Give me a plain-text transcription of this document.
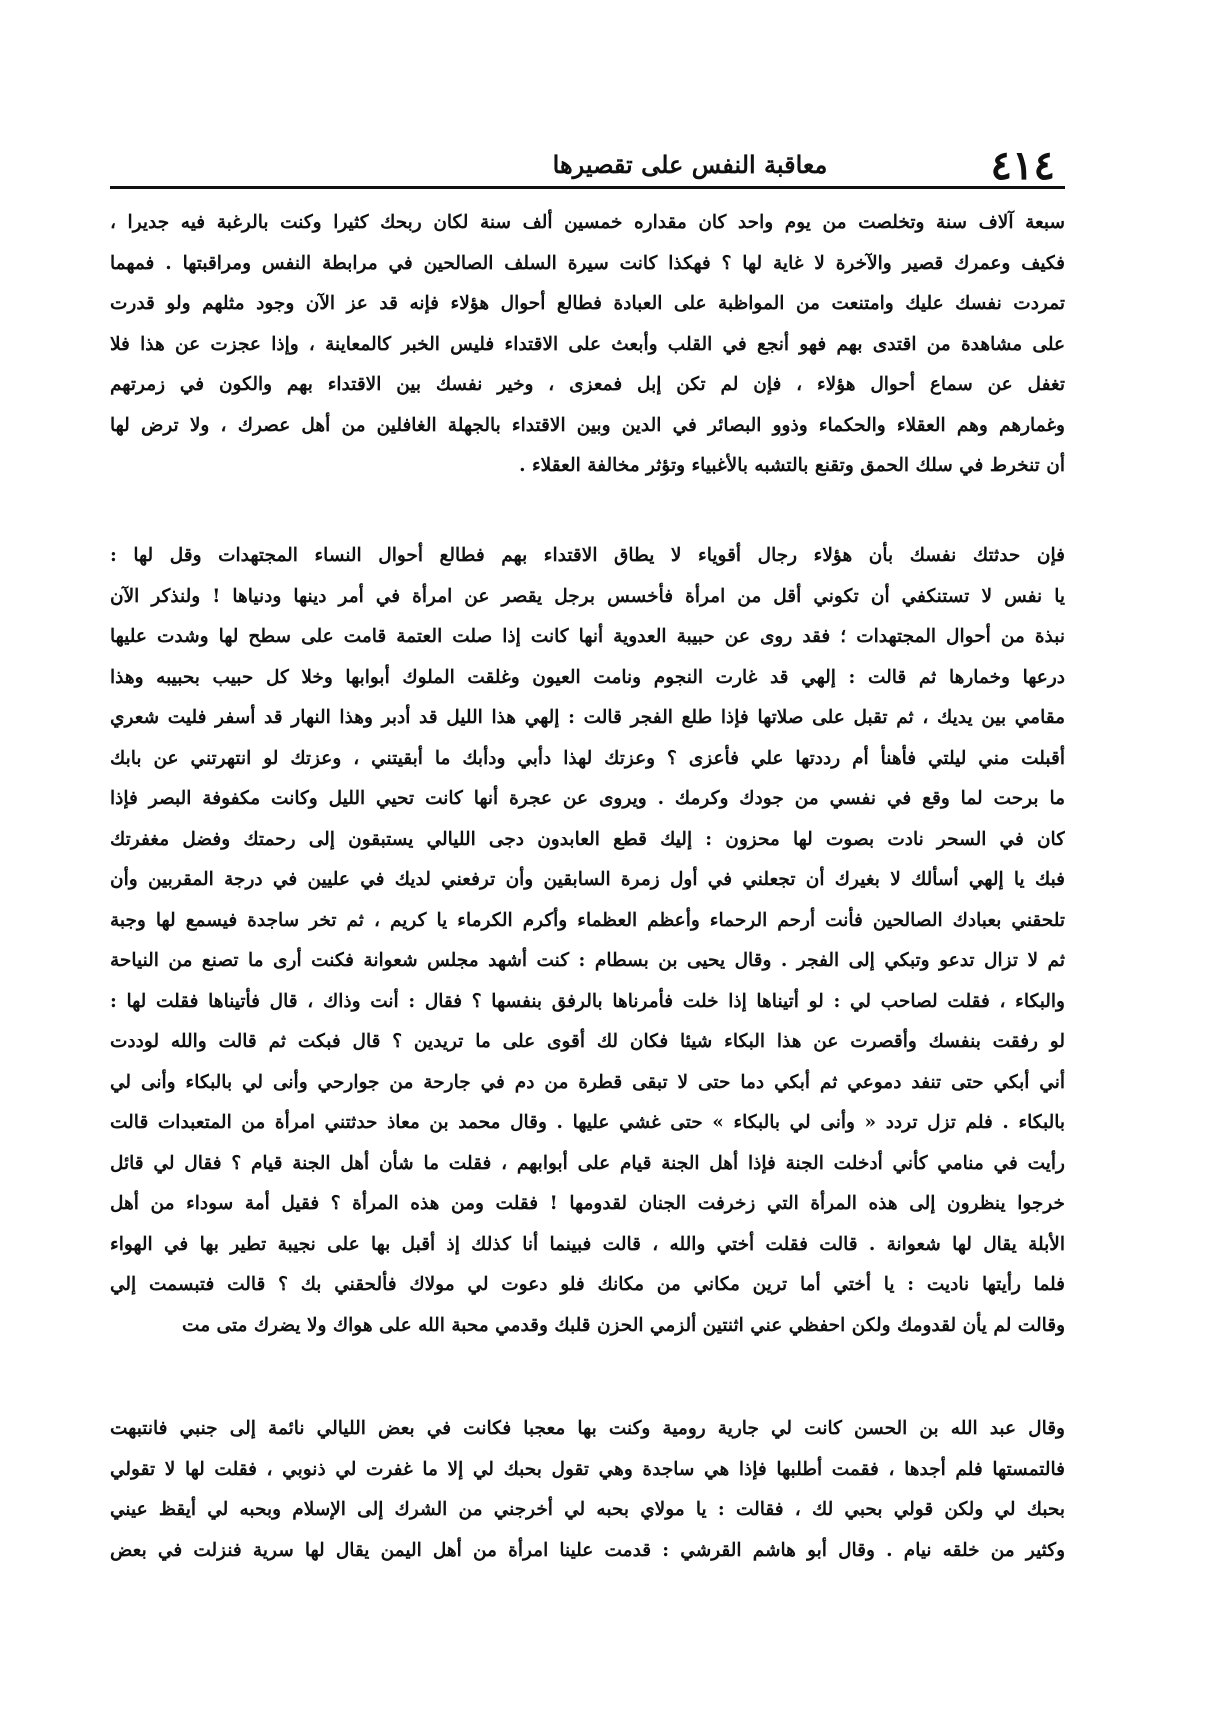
٤١٤
معاقبة النفس على تقصيرها
سبعة آلاف سنة وتخلصت من يوم واحد كان مقداره خمسين ألف سنة لكان ربحك كثيرا وكنت بالرغبة فيه جديرا ،
فكيف وعمرك قصير والآخرة لا غاية لها ؟ فهكذا كانت سيرة السلف الصالحين في مرابطة النفس ومراقبتها . فمهما
تمردت نفسك عليك وامتنعت من المواظبة على العبادة فطالع أحوال هؤلاء فإنه قد عز الآن وجود مثلهم ولو قدرت
على مشاهدة من اقتدى بهم فهو أنجع في القلب وأبعث على الاقتداء فليس الخبر كالمعاينة ، وإذا عجزت عن هذا فلا
تغفل عن سماع أحوال هؤلاء ، فإن لم تكن إبل فمعزى ، وخير نفسك بين الاقتداء بهم والكون في زمرتهم
وغمارهم وهم العقلاء والحكماء وذوو البصائر في الدين وبين الاقتداء بالجهلة الغافلين من أهل عصرك ، ولا ترض لها
أن تنخرط في سلك الحمق وتقنع بالتشبه بالأغبياء وتؤثر مخالفة العقلاء .
فإن حدثتك نفسك بأن هؤلاء رجال أقوياء لا يطاق الاقتداء بهم فطالع أحوال النساء المجتهدات وقل لها :
يا نفس لا تستنكفي أن تكوني أقل من امرأة فأخسس برجل يقصر عن امرأة في أمر دينها ودنياها ! ولنذكر الآن
نبذة من أحوال المجتهدات ؛ فقد روى عن حبيبة العدوية أنها كانت إذا صلت العتمة قامت على سطح لها وشدت عليها
درعها وخمارها ثم قالت : إلهي قد غارت النجوم ونامت العيون وغلقت الملوك أبوابها وخلا كل حبيب بحبيبه وهذا
مقامي بين يديك ، ثم تقبل على صلاتها فإذا طلع الفجر قالت : إلهي هذا الليل قد أدبر وهذا النهار قد أسفر فليت شعري
أقبلت مني ليلتي فأهنأ أم رددتها علي فأعزى ؟ وعزتك لهذا دأبي ودأبك ما أبقيتني ، وعزتك لو انتهرتني عن بابك
ما برحت لما وقع في نفسي من جودك وكرمك . ويروى عن عجرة أنها كانت تحيي الليل وكانت مكفوفة البصر فإذا
كان في السحر نادت بصوت لها محزون : إليك قطع العابدون دجى الليالي يستبقون إلى رحمتك وفضل مغفرتك
فبك يا إلهي أسألك لا بغيرك أن تجعلني في أول زمرة السابقين وأن ترفعني لديك في عليين في درجة المقربين وأن
تلحقني بعبادك الصالحين فأنت أرحم الرحماء وأعظم العظماء وأكرم الكرماء يا كريم ، ثم تخر ساجدة فيسمع لها وجبة
ثم لا تزال تدعو وتبكي إلى الفجر . وقال يحيى بن بسطام : كنت أشهد مجلس شعوانة فكنت أرى ما تصنع من النياحة
والبكاء ، فقلت لصاحب لي : لو أتيناها إذا خلت فأمرناها بالرفق بنفسها ؟ فقال : أنت وذاك ، قال فأتيناها فقلت لها :
لو رفقت بنفسك وأقصرت عن هذا البكاء شيئا فكان لك أقوى على ما تريدين ؟ قال فبكت ثم قالت والله لوددت
أني أبكي حتى تنفد دموعي ثم أبكي دما حتى لا تبقى قطرة من دم في جارحة من جوارحي وأنى لي بالبكاء وأنى لي
بالبكاء . فلم تزل تردد « وأنى لي بالبكاء » حتى غشي عليها . وقال محمد بن معاذ حدثتني امرأة من المتعبدات قالت
رأيت في منامي كأني أدخلت الجنة فإذا أهل الجنة قيام على أبوابهم ، فقلت ما شأن أهل الجنة قيام ؟ فقال لي قائل
خرجوا ينظرون إلى هذه المرأة التي زخرفت الجنان لقدومها ! فقلت ومن هذه المرأة ؟ فقيل أمة سوداء من أهل
الأبلة يقال لها شعوانة . قالت فقلت أختي والله ، قالت فبينما أنا كذلك إذ أقبل بها على نجيبة تطير بها في الهواء
فلما رأيتها ناديت : يا أختي أما ترين مكاني من مكانك فلو دعوت لي مولاك فألحقني بك ؟ قالت فتبسمت إلي
وقالت لم يأن لقدومك ولكن احفظي عني اثنتين ألزمي الحزن قلبك وقدمي محبة الله على هواك ولا يضرك متى مت
وقال عبد الله بن الحسن كانت لي جارية رومية وكنت بها معجبا فكانت في بعض الليالي نائمة إلى جنبي فانتبهت
فالتمستها فلم أجدها ، فقمت أطلبها فإذا هي ساجدة وهي تقول بحبك لي إلا ما غفرت لي ذنوبي ، فقلت لها لا تقولي
بحبك لي ولكن قولي بحبي لك ، فقالت : يا مولاي بحبه لي أخرجني من الشرك إلى الإسلام وبحبه لي أيقظ عيني
وكثير من خلقه نيام . وقال أبو هاشم القرشي : قدمت علينا امرأة من أهل اليمن يقال لها سرية فنزلت في بعض
